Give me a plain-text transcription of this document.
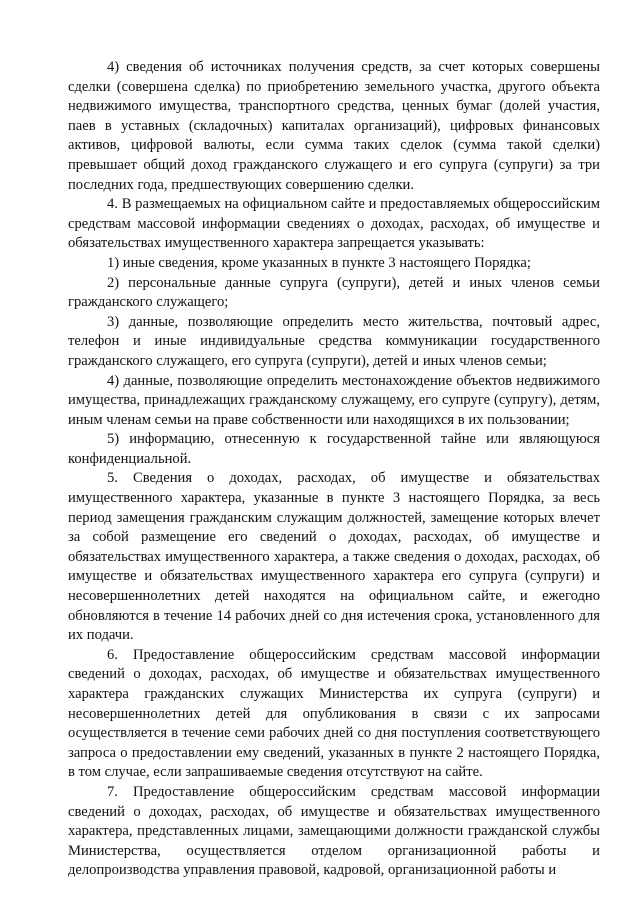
4) сведения об источниках получения средств, за счет которых совершены сделки (совершена сделка) по приобретению земельного участка, другого объекта недвижимого имущества, транспортного средства, ценных бумаг (долей участия, паев в уставных (складочных) капиталах организаций), цифровых финансовых активов, цифровой валюты, если сумма таких сделок (сумма такой сделки) превышает общий доход гражданского служащего и его супруга (супруги) за три последних года, предшествующих совершению сделки.

4. В размещаемых на официальном сайте и предоставляемых общероссийским средствам массовой информации сведениях о доходах, расходах, об имуществе и обязательствах имущественного характера запрещается указывать:

1) иные сведения, кроме указанных в пункте 3 настоящего Порядка;

2) персональные данные супруга (супруги), детей и иных членов семьи гражданского служащего;

3) данные, позволяющие определить место жительства, почтовый адрес, телефон и иные индивидуальные средства коммуникации государственного гражданского служащего, его супруга (супруги), детей и иных членов семьи;

4) данные, позволяющие определить местонахождение объектов недвижимого имущества, принадлежащих гражданскому служащему, его супруге (супругу), детям, иным членам семьи на праве собственности или находящихся в их пользовании;

5) информацию, отнесенную к государственной тайне или являющуюся конфиденциальной.

5. Сведения о доходах, расходах, об имуществе и обязательствах имущественного характера, указанные в пункте 3 настоящего Порядка, за весь период замещения гражданским служащим должностей, замещение которых влечет за собой размещение его сведений о доходах, расходах, об имуществе и обязательствах имущественного характера, а также сведения о доходах, расходах, об имуществе и обязательствах имущественного характера его супруга (супруги) и несовершеннолетних детей находятся на официальном сайте, и ежегодно обновляются в течение 14 рабочих дней со дня истечения срока, установленного для их подачи.

6. Предоставление общероссийским средствам массовой информации сведений о доходах, расходах, об имуществе и обязательствах имущественного характера гражданских служащих Министерства их супруга (супруги) и несовершеннолетних детей для опубликования в связи с их запросами осуществляется в течение семи рабочих дней со дня поступления соответствующего запроса о предоставлении ему сведений, указанных в пункте 2 настоящего Порядка, в том случае, если запрашиваемые сведения отсутствуют на сайте.

7. Предоставление общероссийским средствам массовой информации сведений о доходах, расходах, об имуществе и обязательствах имущественного характера, представленных лицами, замещающими должности гражданской службы Министерства, осуществляется отделом организационной работы и делопроизводства управления правовой, кадровой, организационной работы и
